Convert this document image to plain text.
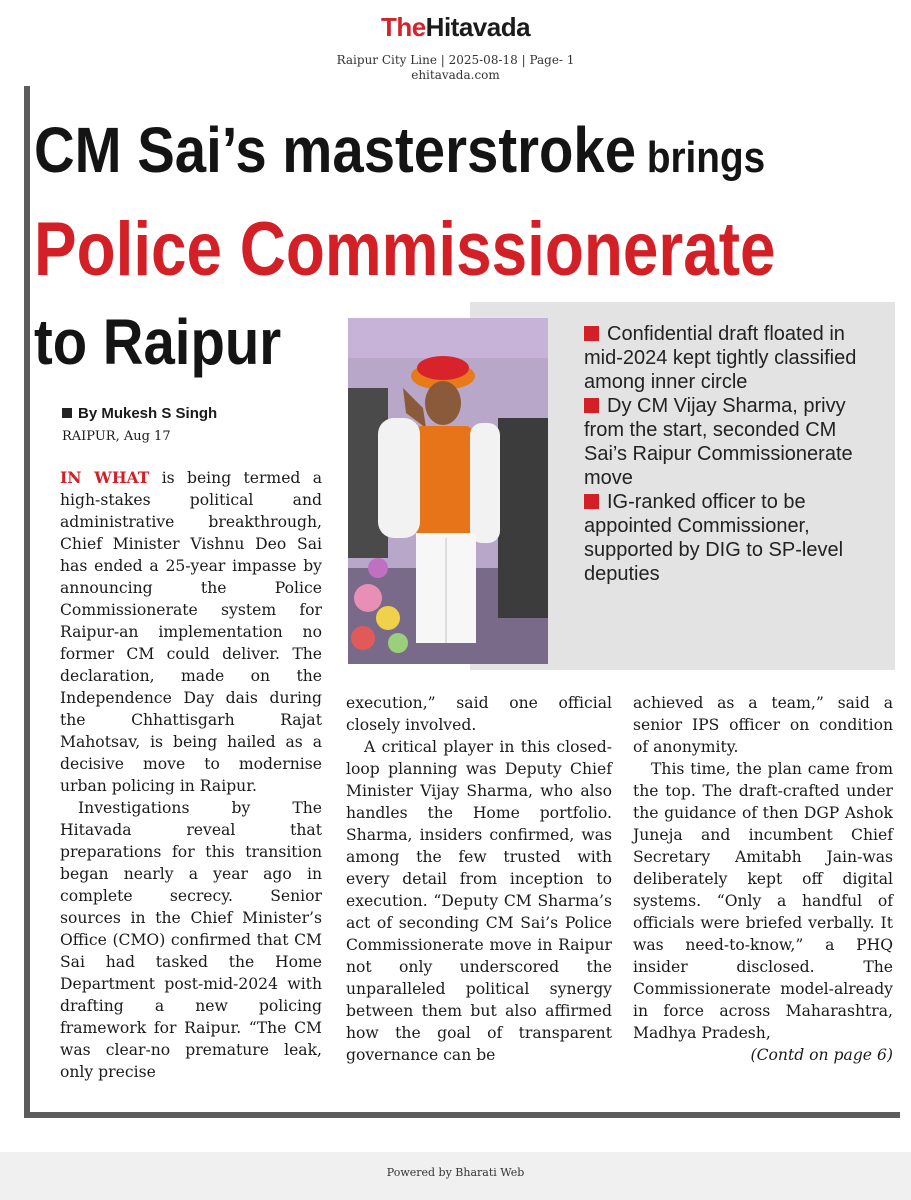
TheHitavada
Raipur City Line | 2025-08-18 | Page- 1
ehitavada.com
CM Sai’s masterstroke brings
Police Commissionerate
to Raipur	Confidential draft floated in mid-2024 kept tightly classified among inner circle

Dy CM Vijay Sharma, privy from the start, seconded CM Sai’s Raipur Commissionerate move

IG-ranked officer to be appointed Commissioner, supported by DIG to SP-level deputies

By Mukesh S Singh
RAIPUR, Aug 17

IN WHAT is being termed a high-stakes political and administrative breakthrough, Chief Minister Vishnu Deo Sai has ended a 25-year impasse by announcing the Police Commissionerate system for Raipur-an implementation no former CM could deliver. The declaration, made on the Independence Day dais during the Chhattisgarh Rajat Mahotsav, is being hailed as a decisive move to modernise urban policing in Raipur.

Investigations by The Hitavada reveal that preparations for this transition began nearly a year ago in complete secrecy. Senior sources in the Chief Minister’s Office (CMO) confirmed that CM Sai had tasked the Home Department post-mid-2024 with drafting a new policing framework for Raipur. “The CM was clear-no premature leak, only precise

execution,” said one official closely involved.

A critical player in this closed-loop planning was Deputy Chief Minister Vijay Sharma, who also handles the Home portfolio. Sharma, insiders confirmed, was among the few trusted with every detail from inception to execution. “Deputy CM Sharma’s act of seconding CM Sai’s Police Commissionerate move in Raipur not only underscored the unparalleled political synergy between them but also affirmed how the goal of transparent governance can be

achieved as a team,” said a senior IPS officer on condition of anonymity.

This time, the plan came from the top. The draft-crafted under the guidance of then DGP Ashok Juneja and incumbent Chief Secretary Amitabh Jain-was deliberately kept off digital systems. “Only a handful of officials were briefed verbally. It was need-to-know,” a PHQ insider disclosed. The Commissionerate model-already in force across Maharashtra, Madhya Pradesh,

(Contd on page 6)

Powered by Bharati Web
